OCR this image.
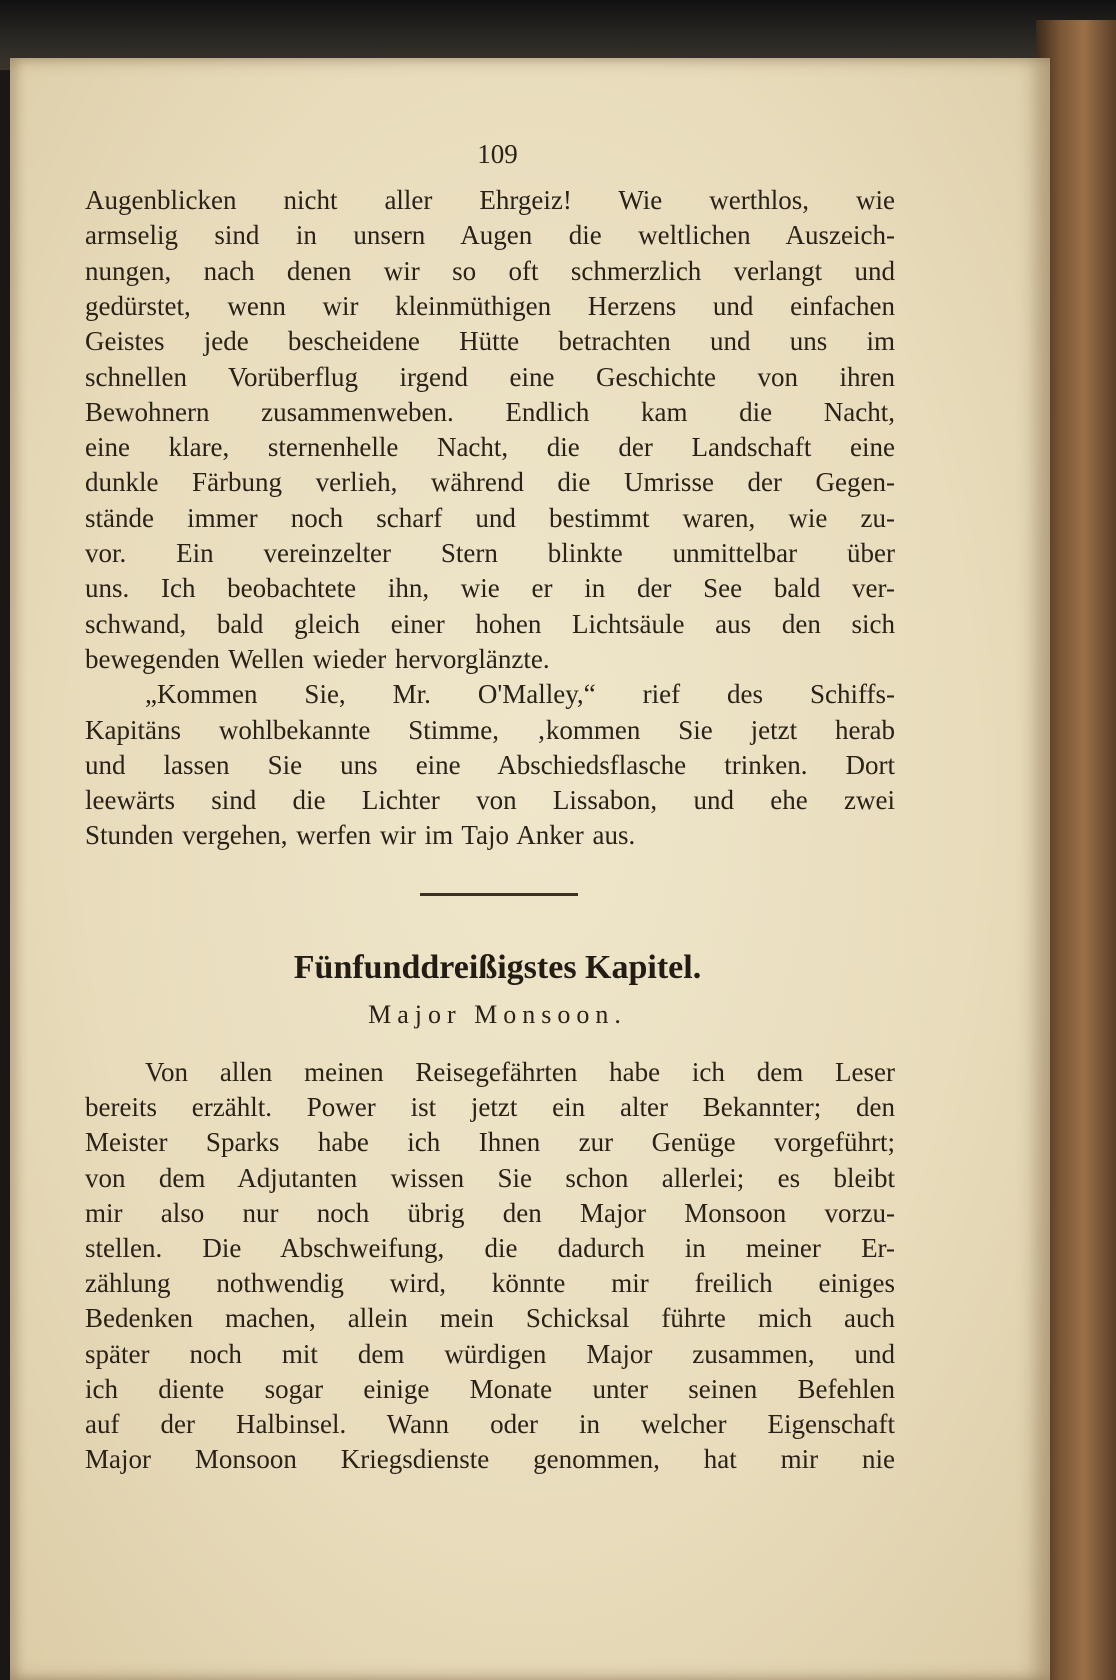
109
Augenblicken nicht aller Ehrgeiz! Wie werthlos, wie
armselig sind in unsern Augen die weltlichen Auszeich-
nungen, nach denen wir so oft schmerzlich verlangt und
gedürstet, wenn wir kleinmüthigen Herzens und einfachen
Geistes jede bescheidene Hütte betrachten und uns im
schnellen Vorüberflug irgend eine Geschichte von ihren
Bewohnern zusammenweben. Endlich kam die Nacht,
eine klare, sternenhelle Nacht, die der Landschaft eine
dunkle Färbung verlieh, während die Umrisse der Gegen-
stände immer noch scharf und bestimmt waren, wie zu-
vor. Ein vereinzelter Stern blinkte unmittelbar über
uns. Ich beobachtete ihn, wie er in der See bald ver-
schwand, bald gleich einer hohen Lichtsäule aus den sich
bewegenden Wellen wieder hervorglänzte.
„Kommen Sie, Mr. O'Malley,“ rief des Schiffs-
Kapitäns wohlbekannte Stimme, ‚kommen Sie jetzt herab
und lassen Sie uns eine Abschiedsflasche trinken. Dort
leewärts sind die Lichter von Lissabon, und ehe zwei
Stunden vergehen, werfen wir im Tajo Anker aus.
Fünfunddreißigstes Kapitel.
Major Monsoon.
Von allen meinen Reisegefährten habe ich dem Leser
bereits erzählt. Power ist jetzt ein alter Bekannter; den
Meister Sparks habe ich Ihnen zur Genüge vorgeführt;
von dem Adjutanten wissen Sie schon allerlei; es bleibt
mir also nur noch übrig den Major Monsoon vorzu-
stellen. Die Abschweifung, die dadurch in meiner Er-
zählung nothwendig wird, könnte mir freilich einiges
Bedenken machen, allein mein Schicksal führte mich auch
später noch mit dem würdigen Major zusammen, und
ich diente sogar einige Monate unter seinen Befehlen
auf der Halbinsel. Wann oder in welcher Eigenschaft
Major Monsoon Kriegsdienste genommen, hat mir nie
